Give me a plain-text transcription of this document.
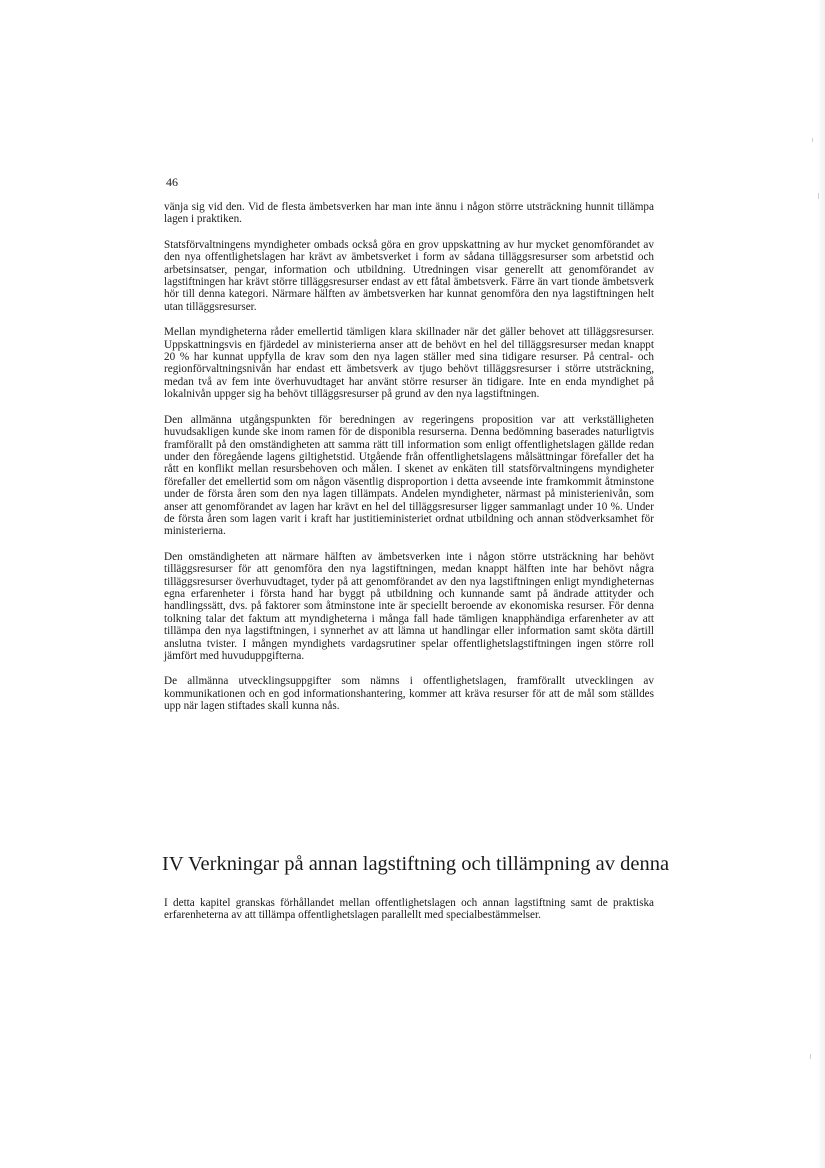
46

vänja sig vid den. Vid de flesta ämbetsverken har man inte ännu i någon större utsträckning hunnit tillämpa lagen i praktiken.

Statsförvaltningens myndigheter ombads också göra en grov uppskattning av hur mycket genomförandet av den nya offentlighetslagen har krävt av ämbetsverket i form av sådana tilläggsresurser som arbetstid och arbetsinsatser, pengar, information och utbildning. Utredningen visar generellt att genomförandet av lagstiftningen har krävt större tilläggsresurser endast av ett fåtal ämbetsverk. Färre än vart tionde ämbetsverk hör till denna kategori. Närmare hälften av ämbetsverken har kunnat genomföra den nya lagstiftningen helt utan tilläggsresurser.

Mellan myndigheterna råder emellertid tämligen klara skillnader när det gäller behovet att tilläggsresurser. Uppskattningsvis en fjärdedel av ministerierna anser att de behövt en hel del tilläggsresurser medan knappt 20 % har kunnat uppfylla de krav som den nya lagen ställer med sina tidigare resurser. På central- och regionförvaltningsnivån har endast ett ämbetsverk av tjugo behövt tilläggsresurser i större utsträckning, medan två av fem inte överhuvudtaget har använt större resurser än tidigare. Inte en enda myndighet på lokalnivån uppger sig ha behövt tilläggsresurser på grund av den nya lagstiftningen.

Den allmänna utgångspunkten för beredningen av regeringens proposition var att verkställigheten huvudsakligen kunde ske inom ramen för de disponibla resurserna. Denna bedömning baserades naturligtvis framförallt på den omständigheten att samma rätt till information som enligt offentlighetslagen gällde redan under den föregående lagens giltighetstid. Utgående från offentlighetslagens målsättningar förefaller det ha rått en konflikt mellan resursbehoven och målen. I skenet av enkäten till statsförvaltningens myndigheter förefaller det emellertid som om någon väsentlig disproportion i detta avseende inte framkommit åtminstone under de första åren som den nya lagen tillämpats. Andelen myndigheter, närmast på ministerienivån, som anser att genomförandet av lagen har krävt en hel del tilläggsresurser ligger sammanlagt under 10 %. Under de första åren som lagen varit i kraft har justitieministeriet ordnat utbildning och annan stödverksamhet för ministerierna.

Den omständigheten att närmare hälften av ämbetsverken inte i någon större utsträckning har behövt tilläggsresurser för att genomföra den nya lagstiftningen, medan knappt hälften inte har behövt några tilläggsresurser överhuvudtaget, tyder på att genomförandet av den nya lagstiftningen enligt myndigheternas egna erfarenheter i första hand har byggt på utbildning och kunnande samt på ändrade attityder och handlingssätt, dvs. på faktorer som åtminstone inte är speciellt beroende av ekonomiska resurser. För denna tolkning talar det faktum att myndigheterna i många fall hade tämligen knapphändiga erfarenheter av att tillämpa den nya lagstiftningen, i synnerhet av att lämna ut handlingar eller information samt sköta därtill anslutna tvister. I mången myndighets vardagsrutiner spelar offentlighetslagstiftningen ingen större roll jämfört med huvuduppgifterna.

De allmänna utvecklingsuppgifter som nämns i offentlighetslagen, framförallt utvecklingen av kommunikationen och en god informationshantering, kommer att kräva resurser för att de mål som ställdes upp när lagen stiftades skall kunna nås.

IV Verkningar på annan lagstiftning och tillämpning av denna

I detta kapitel granskas förhållandet mellan offentlighetslagen och annan lagstiftning samt de praktiska erfarenheterna av att tillämpa offentlighetslagen parallellt med specialbestämmelser.
